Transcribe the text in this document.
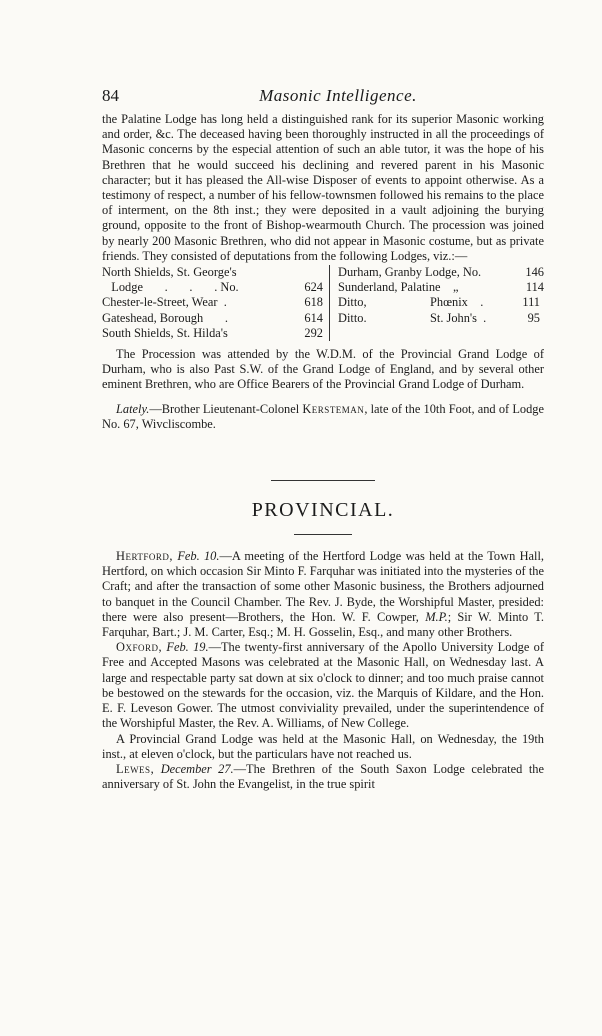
84	Masonic Intelligence.

the Palatine Lodge has long held a distinguished rank for its superior Masonic working and order, &c. The deceased having been thoroughly instructed in all the proceedings of Masonic concerns by the especial attention of such an able tutor, it was the hope of his Brethren that he would succeed his declining and revered parent in his Masonic character; but it has pleased the All-wise Disposer of events to appoint otherwise. As a testimony of respect, a number of his fellow-townsmen followed his remains to the place of interment, on the 8th inst.; they were deposited in a vault adjoining the burying ground, opposite to the front of Bishop-wearmouth Church. The procession was joined by nearly 200 Masonic Brethren, who did not appear in Masonic costume, but as private friends. They consisted of deputations from the following Lodges, viz.:—

North Shields, St. George's
Lodge       .       .       . No.	624
Chester-le-Street, Wear  .	618
Gateshead, Borough       .	614
South Shields, St. Hilda's	292
Durham, Granby Lodge, No.	146
Sunderland, Palatine „	114
Ditto,	Phœnix    .	111
Ditto.	St. John's  .	95

The Procession was attended by the W.D.M. of the Provincial Grand Lodge of Durham, who is also Past S.W. of the Grand Lodge of England, and by several other eminent Brethren, who are Office Bearers of the Provincial Grand Lodge of Durham.

Lately.—Brother Lieutenant-Colonel Kersteman, late of the 10th Foot, and of Lodge No. 67, Wivcliscombe.

PROVINCIAL.

Hertford, Feb. 10.—A meeting of the Hertford Lodge was held at the Town Hall, Hertford, on which occasion Sir Minto F. Farquhar was initiated into the mysteries of the Craft; and after the transaction of some other Masonic business, the Brothers adjourned to banquet in the Council Chamber. The Rev. J. Byde, the Worshipful Master, presided: there were also present—Brothers, the Hon. W. F. Cowper, M.P.; Sir W. Minto T. Farquhar, Bart.; J. M. Carter, Esq.; M. H. Gosselin, Esq., and many other Brothers.

Oxford, Feb. 19.—The twenty-first anniversary of the Apollo University Lodge of Free and Accepted Masons was celebrated at the Masonic Hall, on Wednesday last. A large and respectable party sat down at six o'clock to dinner; and too much praise cannot be bestowed on the stewards for the occasion, viz. the Marquis of Kildare, and the Hon. E. F. Leveson Gower. The utmost conviviality prevailed, under the superintendence of the Worshipful Master, the Rev. A. Williams, of New College.

A Provincial Grand Lodge was held at the Masonic Hall, on Wednesday, the 19th inst., at eleven o'clock, but the particulars have not reached us.

Lewes, December 27.—The Brethren of the South Saxon Lodge celebrated the anniversary of St. John the Evangelist, in the true spirit
